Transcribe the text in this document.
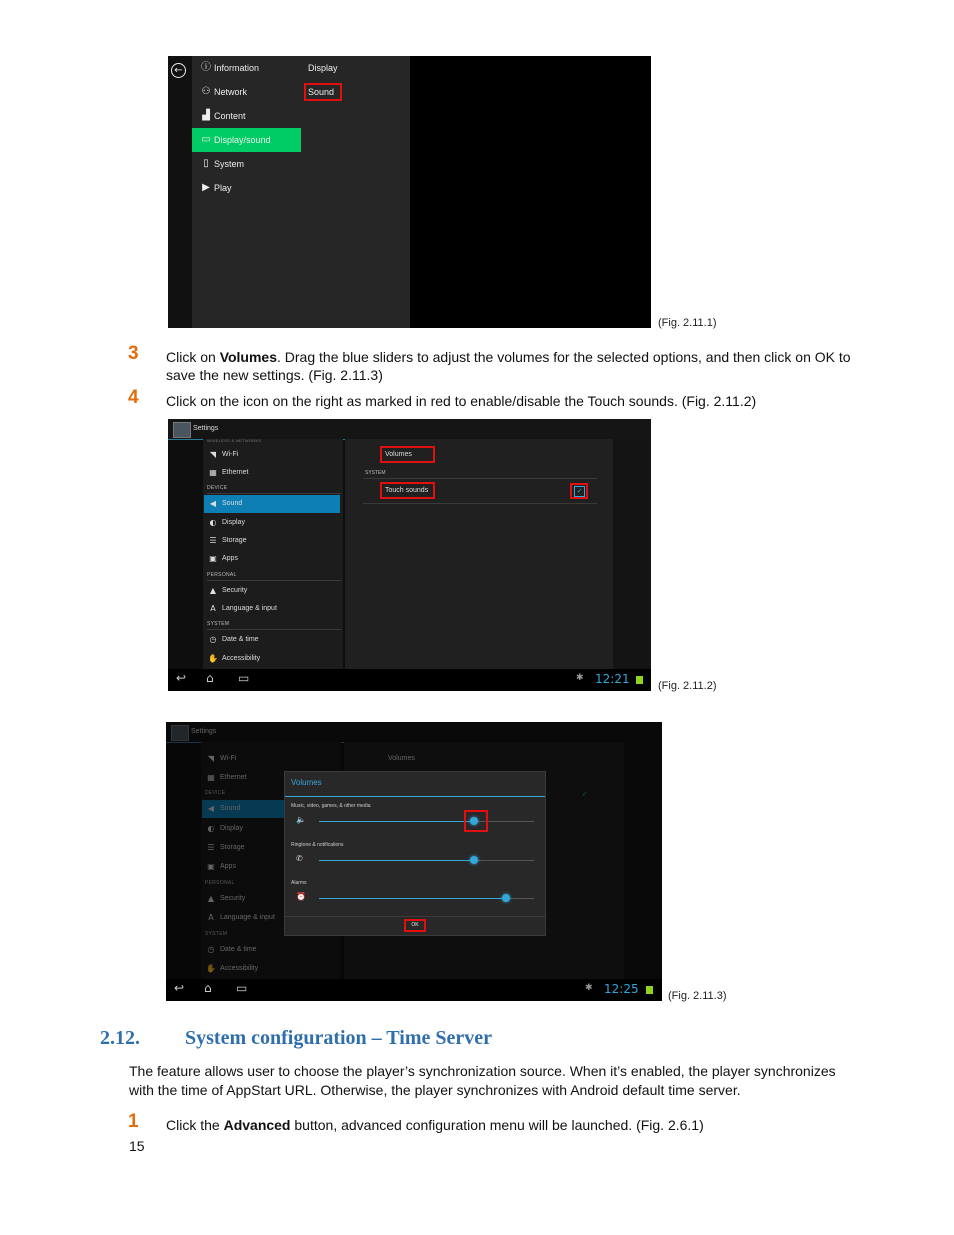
←	ⓘ Information
⚇ Network
▟ Content
▭ Display/sound
▯ System
▶ Play
Display
Sound
(Fig. 2.11.1)
3 Click on Volumes. Drag the blue sliders to adjust the volumes for the selected options, and then click on OK to save the new settings. (Fig. 2.11.3)
4 Click on the icon on the right as marked in red to enable/disable the Touch sounds. (Fig. 2.11.2)
Settings
WIRELESS & NETWORKS
◥ Wi-Fi
▦ Ethernet
DEVICE
◀ Sound
◐ Display
☰ Storage
▣ Apps
PERSONAL
▲ Security
A Language & input
SYSTEM
◷ Date & time
✋ Accessibility
Volumes
SYSTEM
Touch sounds	✓
↩ ⌂ ▭	✱ 12:21	(Fig. 2.11.2)
Volumes
Music, video, games, & other media
🔈
Ringtone & notifications
✆
Alarms
⏰
OK
↩ ⌂ ▭	✱ 12:25	(Fig. 2.11.3)
2.12. System configuration – Time Server
The feature allows user to choose the player’s synchronization source. When it’s enabled, the player synchronizes with the time of AppStart URL. Otherwise, the player synchronizes with Android default time server.
1 Click the Advanced button, advanced configuration menu will be launched. (Fig. 2.6.1)
15
